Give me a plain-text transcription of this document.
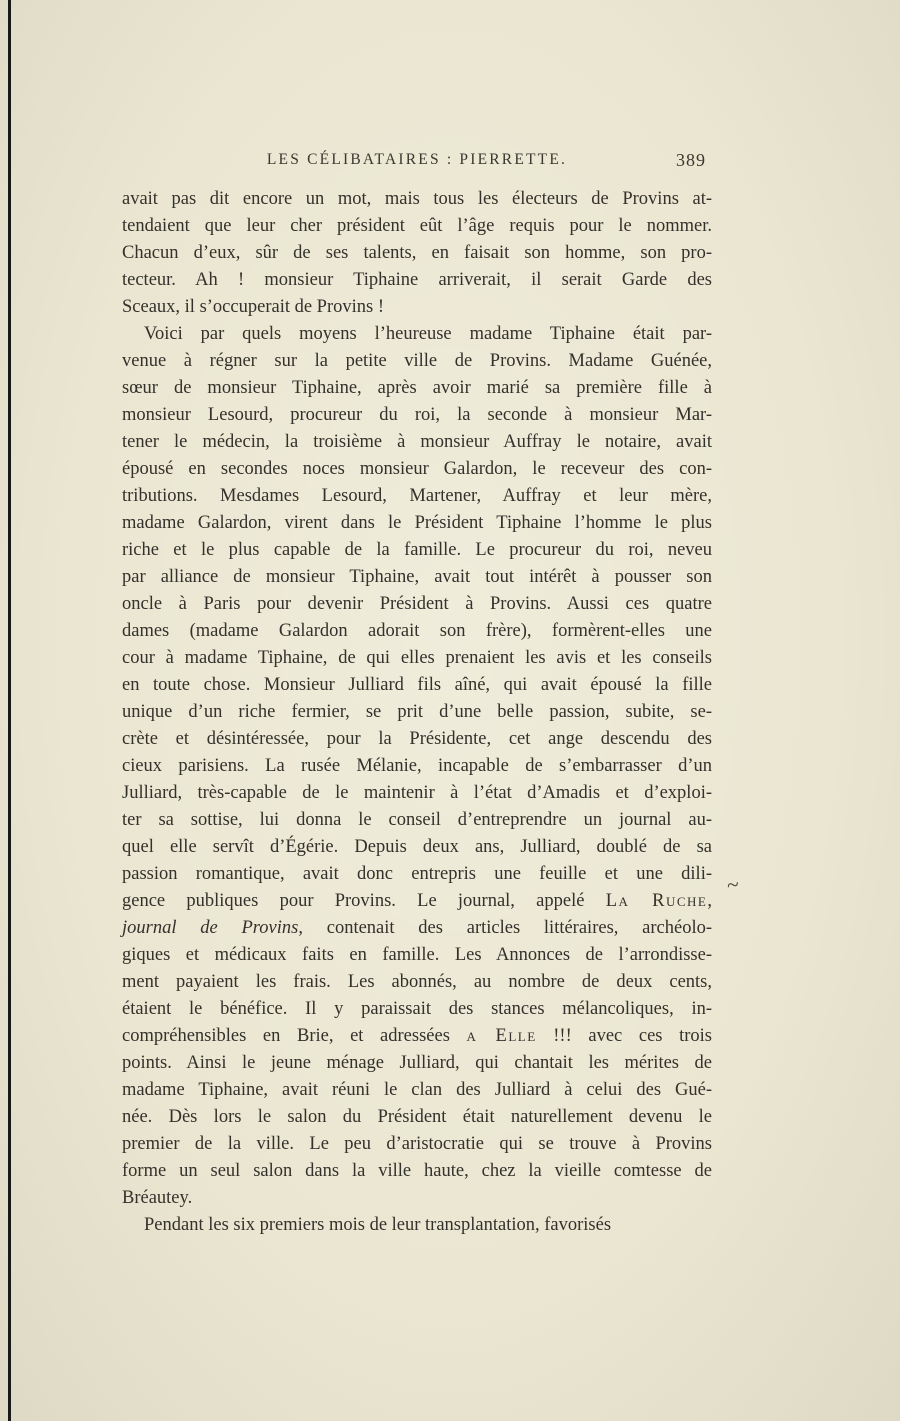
LES CÉLIBATAIRES : PIERRETTE.	389
avait pas dit encore un mot, mais tous les électeurs de Provins at-
tendaient que leur cher président eût l’âge requis pour le nommer.
Chacun d’eux, sûr de ses talents, en faisait son homme, son pro-
tecteur. Ah ! monsieur Tiphaine arriverait, il serait Garde des
Sceaux, il s’occuperait de Provins !
Voici par quels moyens l’heureuse madame Tiphaine était par-
venue à régner sur la petite ville de Provins. Madame Guénée,
sœur de monsieur Tiphaine, après avoir marié sa première fille à
monsieur Lesourd, procureur du roi, la seconde à monsieur Mar-
tener le médecin, la troisième à monsieur Auffray le notaire, avait
épousé en secondes noces monsieur Galardon, le receveur des con-
tributions. Mesdames Lesourd, Martener, Auffray et leur mère,
madame Galardon, virent dans le Président Tiphaine l’homme le plus
riche et le plus capable de la famille. Le procureur du roi, neveu
par alliance de monsieur Tiphaine, avait tout intérêt à pousser son
oncle à Paris pour devenir Président à Provins. Aussi ces quatre
dames (madame Galardon adorait son frère), formèrent-elles une
cour à madame Tiphaine, de qui elles prenaient les avis et les conseils
en toute chose. Monsieur Julliard fils aîné, qui avait épousé la fille
unique d’un riche fermier, se prit d’une belle passion, subite, se-
crète et désintéressée, pour la Présidente, cet ange descendu des
cieux parisiens. La rusée Mélanie, incapable de s’embarrasser d’un
Julliard, très-capable de le maintenir à l’état d’Amadis et d’exploi-
ter sa sottise, lui donna le conseil d’entreprendre un journal au-
quel elle servît d’Égérie. Depuis deux ans, Julliard, doublé de sa
passion romantique, avait donc entrepris une feuille et une dili-
gence publiques pour Provins. Le journal, appelé La Ruche,
journal de Provins, contenait des articles littéraires, archéolo-
giques et médicaux faits en famille. Les Annonces de l’arrondisse-
ment payaient les frais. Les abonnés, au nombre de deux cents,
étaient le bénéfice. Il y paraissait des stances mélancoliques, in-
compréhensibles en Brie, et adressées a Elle !!! avec ces trois
points. Ainsi le jeune ménage Julliard, qui chantait les mérites de
madame Tiphaine, avait réuni le clan des Julliard à celui des Gué-
née. Dès lors le salon du Président était naturellement devenu le
premier de la ville. Le peu d’aristocratie qui se trouve à Provins
forme un seul salon dans la ville haute, chez la vieille comtesse de
Bréautey.
Pendant les six premiers mois de leur transplantation, favorisés
~
